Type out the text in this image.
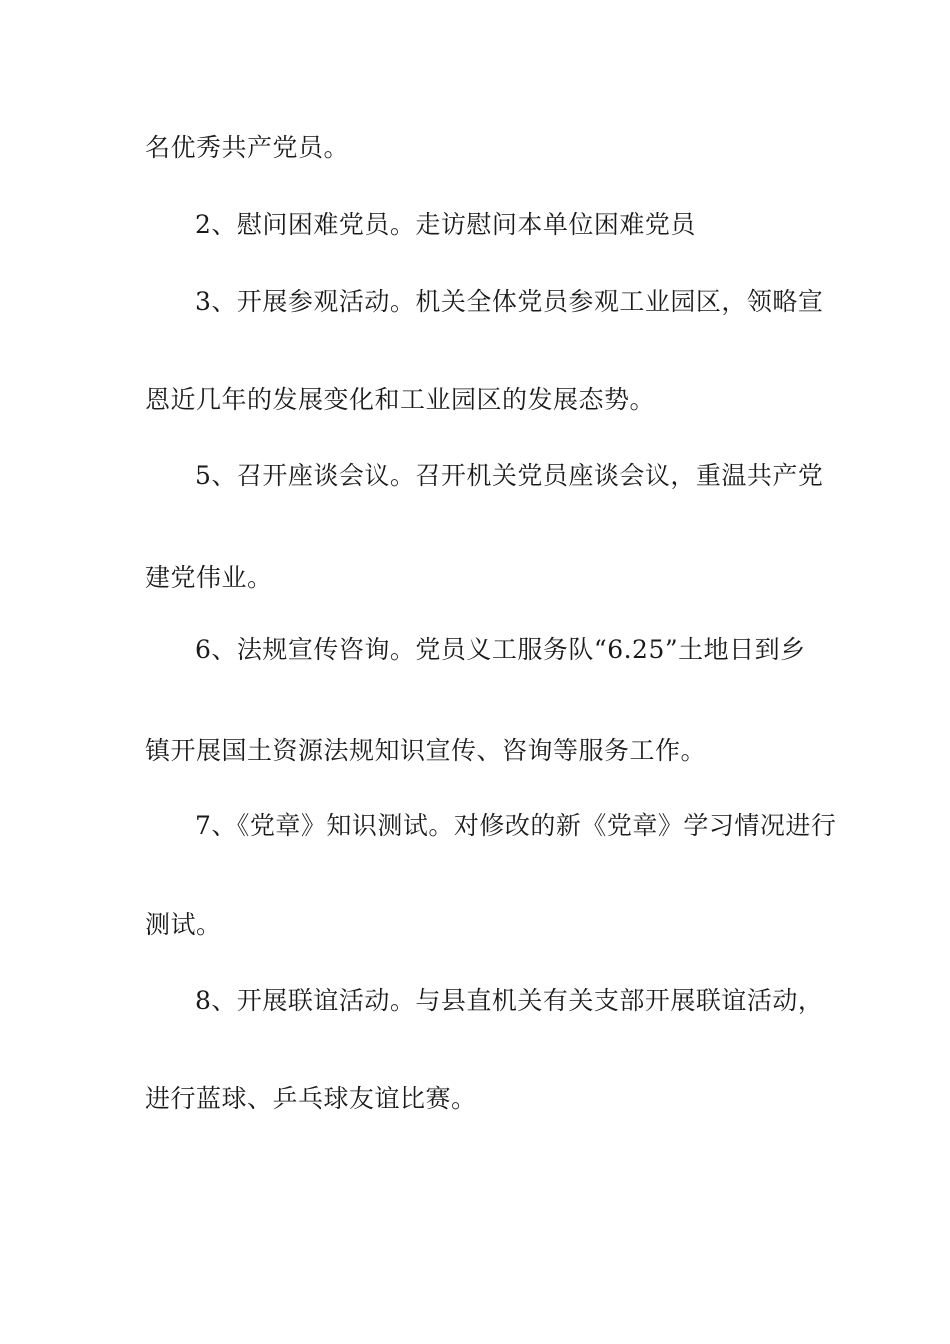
名优秀共产党员。
2、慰问困难党员。走访慰问本单位困难党员
3、开展参观活动。机关全体党员参观工业园区，领略宣
恩近几年的发展变化和工业园区的发展态势。
5、召开座谈会议。召开机关党员座谈会议，重温共产党
建党伟业。
6、法规宣传咨询。党员义工服务队“6.25”土地日到乡
镇开展国土资源法规知识宣传、咨询等服务工作。
7、《党章》知识测试。对修改的新《党章》学习情况进行
测试。
8、开展联谊活动。与县直机关有关支部开展联谊活动，
进行蓝球、乒乓球友谊比赛。
